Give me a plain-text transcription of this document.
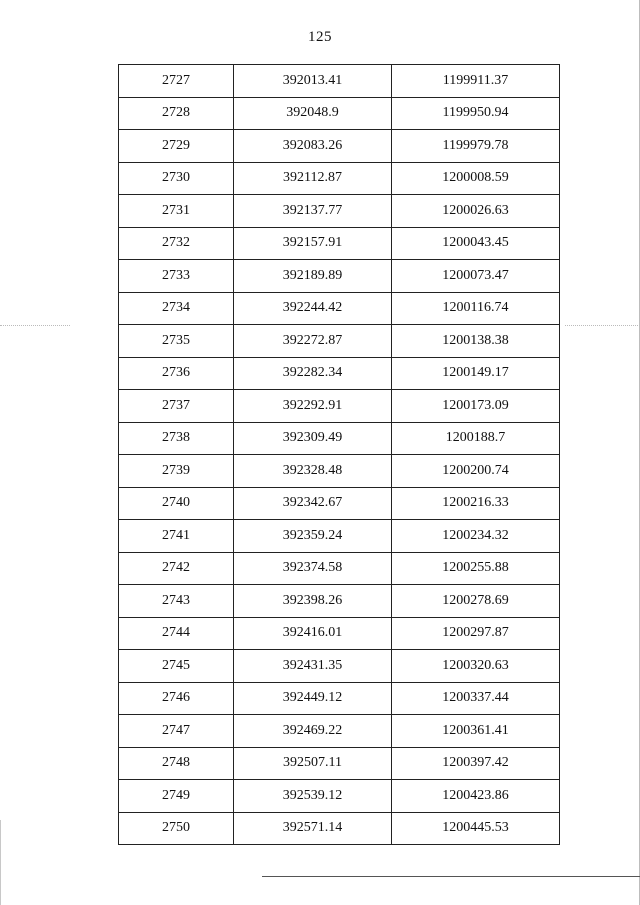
125
2727	392013.41	1199911.37
2728	392048.9	1199950.94
2729	392083.26	1199979.78
2730	392112.87	1200008.59
2731	392137.77	1200026.63
2732	392157.91	1200043.45
2733	392189.89	1200073.47
2734	392244.42	1200116.74
2735	392272.87	1200138.38
2736	392282.34	1200149.17
2737	392292.91	1200173.09
2738	392309.49	1200188.7
2739	392328.48	1200200.74
2740	392342.67	1200216.33
2741	392359.24	1200234.32
2742	392374.58	1200255.88
2743	392398.26	1200278.69
2744	392416.01	1200297.87
2745	392431.35	1200320.63
2746	392449.12	1200337.44
2747	392469.22	1200361.41
2748	392507.11	1200397.42
2749	392539.12	1200423.86
2750	392571.14	1200445.53
